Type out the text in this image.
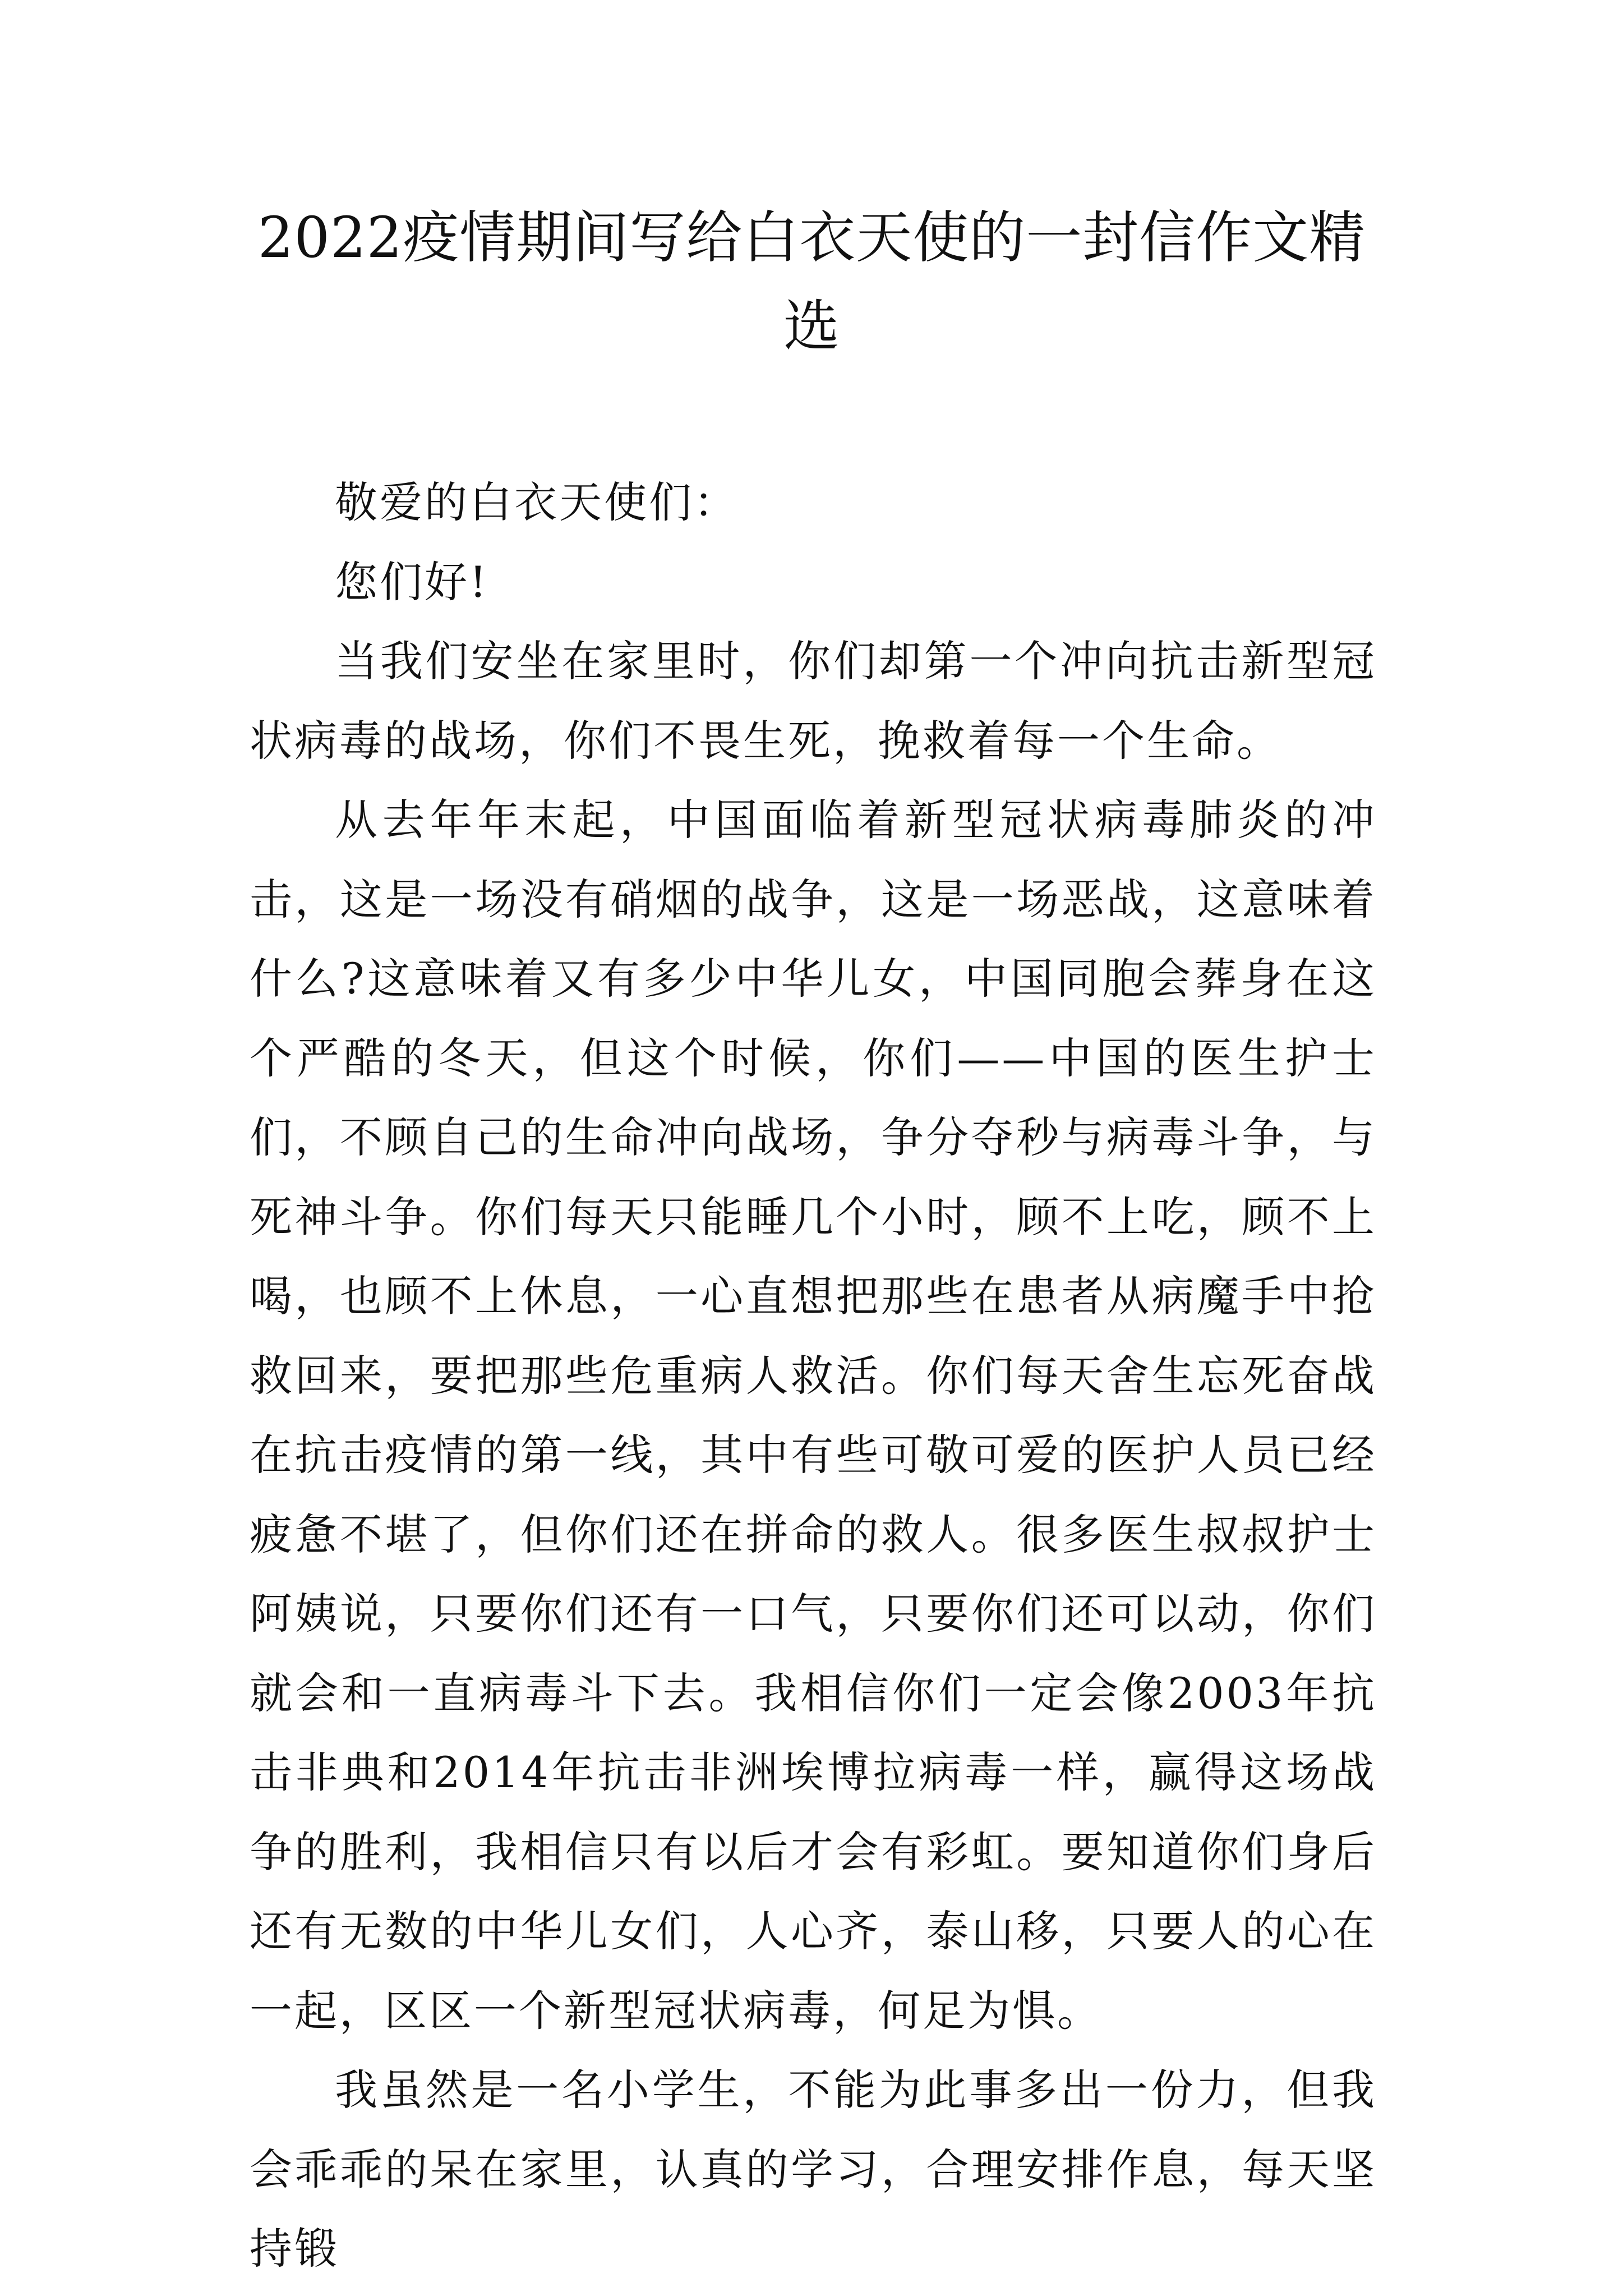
2022疫情期间写给白衣天使的一封信作文精选

敬爱的白衣天使们：

您们好!

当我们安坐在家里时，你们却第一个冲向抗击新型冠状病毒的战场，你们不畏生死，挽救着每一个生命。

从去年年末起，中国面临着新型冠状病毒肺炎的冲击，这是一场没有硝烟的战争，这是一场恶战，这意味着什么?这意味着又有多少中华儿女，中国同胞会葬身在这个严酷的冬天，但这个时候，你们——中国的医生护士们，不顾自己的生命冲向战场，争分夺秒与病毒斗争，与死神斗争。你们每天只能睡几个小时，顾不上吃，顾不上喝，也顾不上休息，一心直想把那些在患者从病魔手中抢救回来，要把那些危重病人救活。你们每天舍生忘死奋战在抗击疫情的第一线，其中有些可敬可爱的医护人员已经疲惫不堪了，但你们还在拼命的救人。很多医生叔叔护士阿姨说，只要你们还有一口气，只要你们还可以动，你们就会和一直病毒斗下去。我相信你们一定会像2003年抗击非典和2014年抗击非洲埃博拉病毒一样，赢得这场战争的胜利，我相信只有以后才会有彩虹。要知道你们身后还有无数的中华儿女们，人心齐，泰山移，只要人的心在一起，区区一个新型冠状病毒，何足为惧。

我虽然是一名小学生，不能为此事多出一份力，但我会乖乖的呆在家里，认真的学习，合理安排作息，每天坚持锻
